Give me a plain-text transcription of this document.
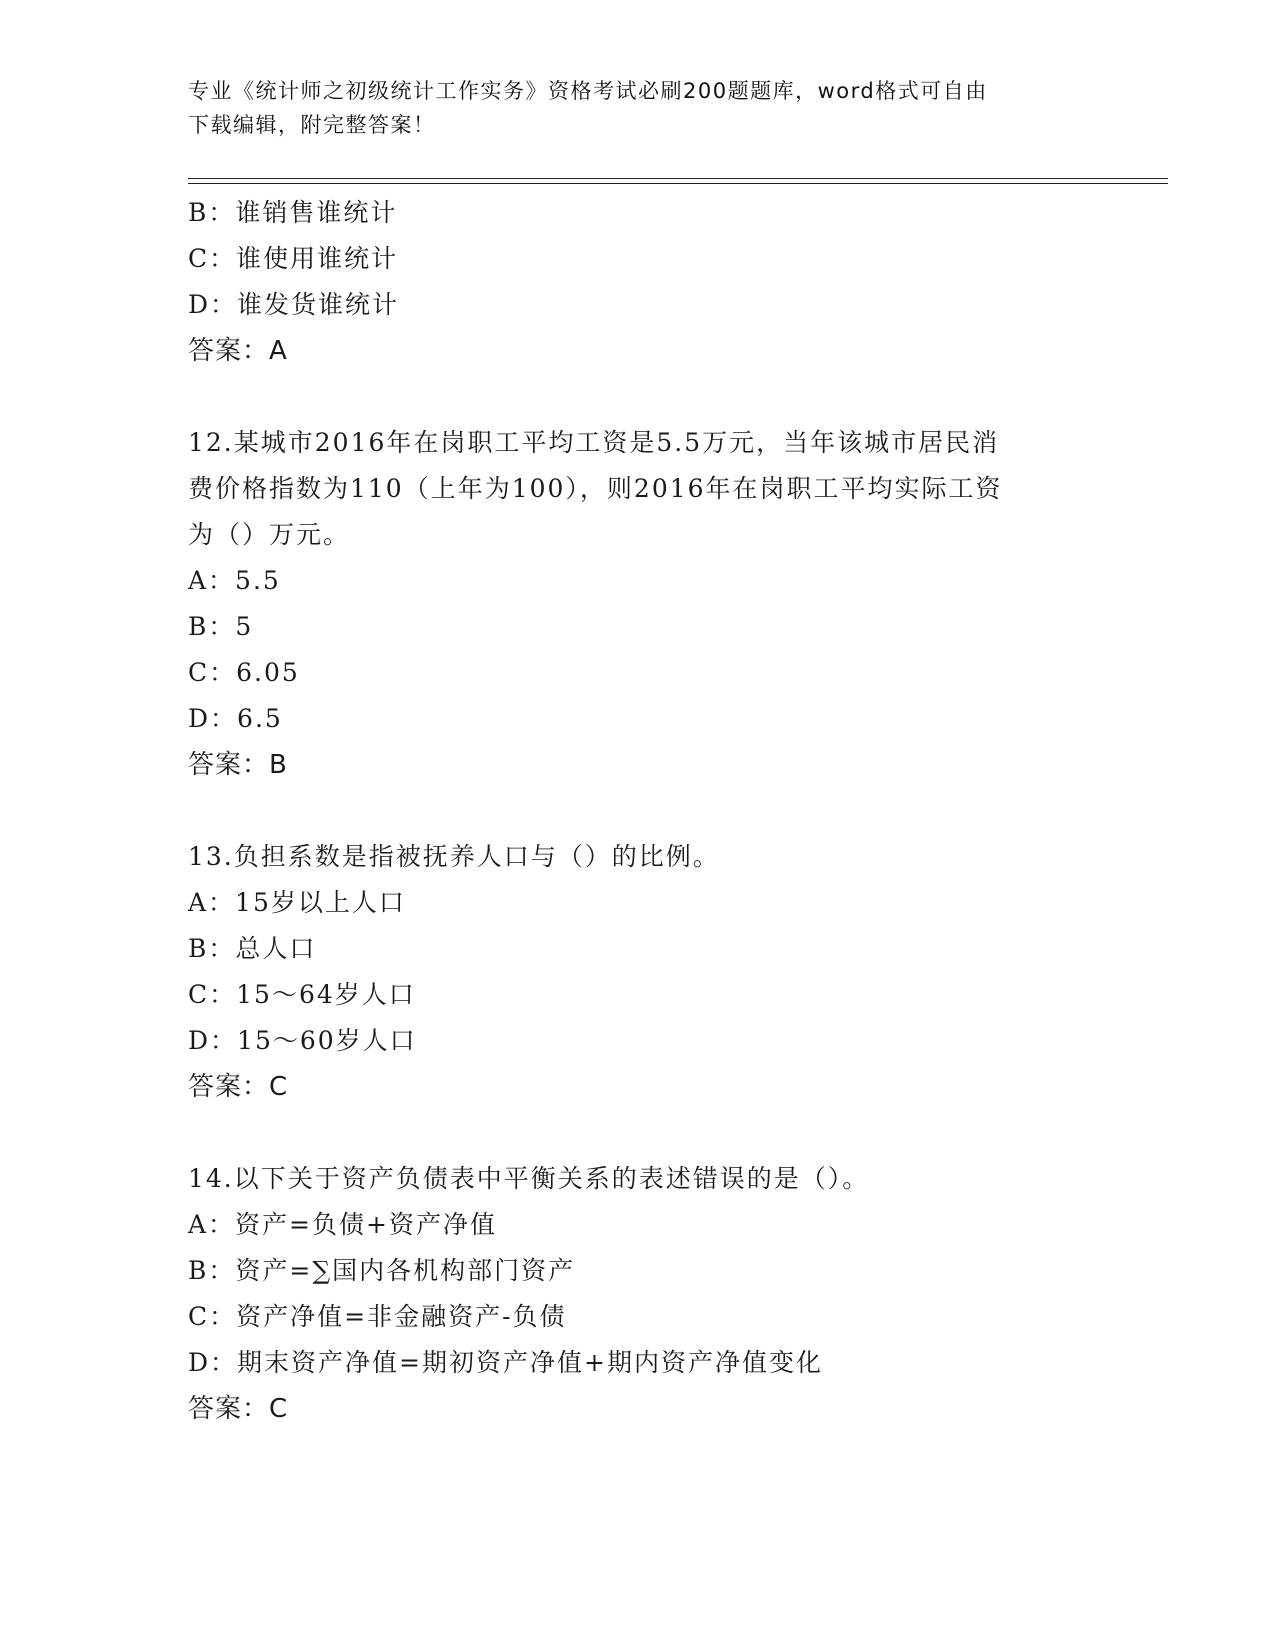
专业《统计师之初级统计工作实务》资格考试必刷200题题库，word格式可自由
下载编辑，附完整答案！
B：谁销售谁统计
C：谁使用谁统计
D：谁发货谁统计
答案：A
12.某城市2016年在岗职工平均工资是5.5万元，当年该城市居民消
费价格指数为110（上年为100），则2016年在岗职工平均实际工资
为（）万元。
A：5.5
B：5
C：6.05
D：6.5
答案：B
13.负担系数是指被抚养人口与（）的比例。
A：15岁以上人口
B：总人口
C：15～64岁人口
D：15～60岁人口
答案：C
14.以下关于资产负债表中平衡关系的表述错误的是（）。
A：资产=负债+资产净值
B：资产=∑国内各机构部门资产
C：资产净值=非金融资产-负债
D：期末资产净值=期初资产净值+期内资产净值变化
答案：C
